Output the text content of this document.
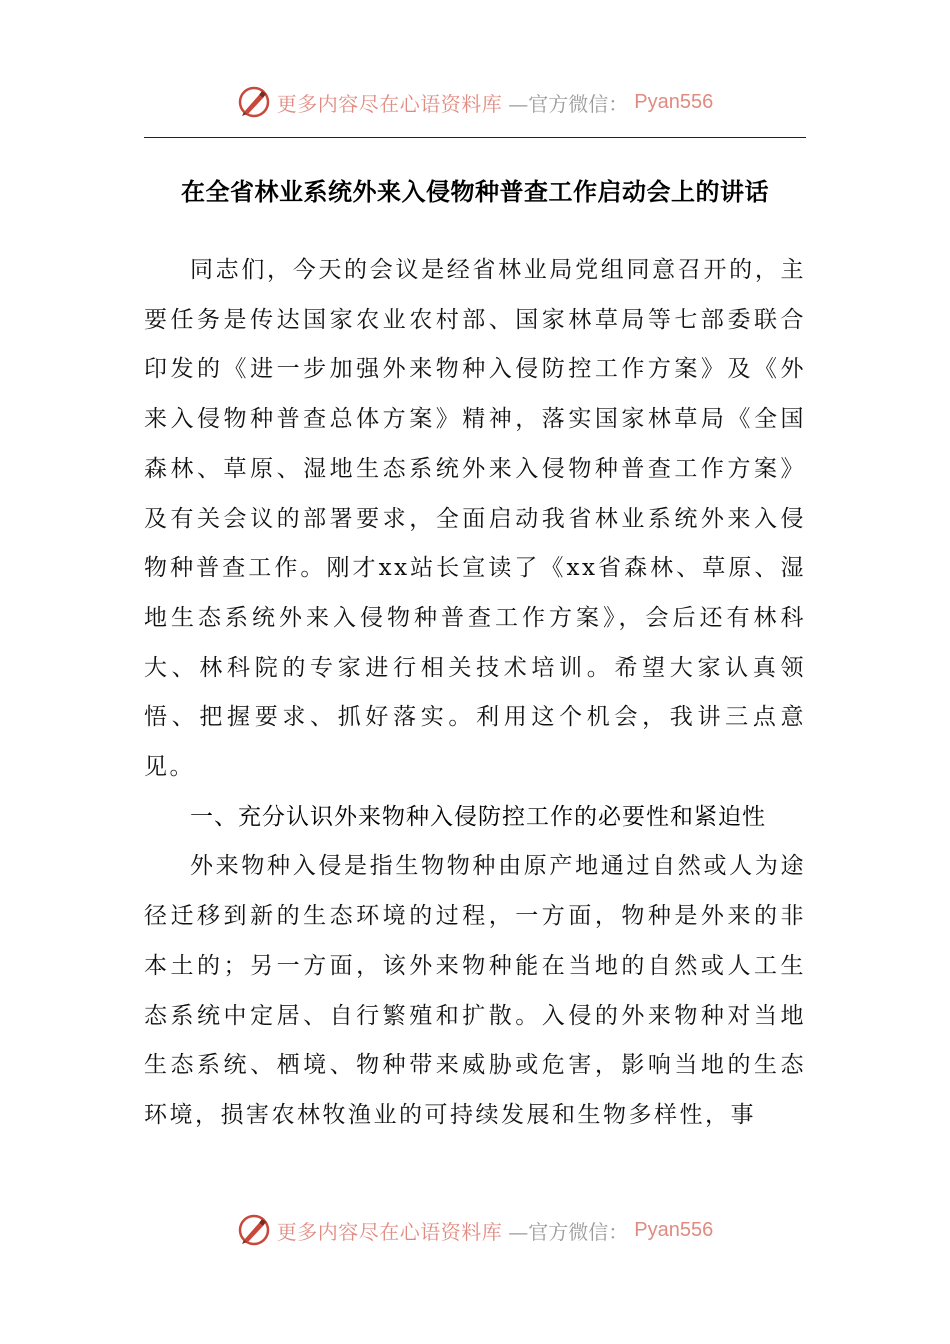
更多内容尽在心语资料库 —官方微信： Pyan556
在全省林业系统外来入侵物种普查工作启动会上的讲话

同志们，今天的会议是经省林业局党组同意召开的，主要任务是传达国家农业农村部、国家林草局等七部委联合印发的《进一步加强外来物种入侵防控工作方案》及《外来入侵物种普查总体方案》精神，落实国家林草局《全国森林、草原、湿地生态系统外来入侵物种普查工作方案》及有关会议的部署要求，全面启动我省林业系统外来入侵物种普查工作。刚才xx站长宣读了《xx省森林、草原、湿地生态系统外来入侵物种普查工作方案》，会后还有林科大、林科院的专家进行相关技术培训。希望大家认真领悟、把握要求、抓好落实。利用这个机会，我讲三点意见。

一、充分认识外来物种入侵防控工作的必要性和紧迫性

外来物种入侵是指生物物种由原产地通过自然或人为途径迁移到新的生态环境的过程，一方面，物种是外来的非本土的；另一方面，该外来物种能在当地的自然或人工生态系统中定居、自行繁殖和扩散。入侵的外来物种对当地生态系统、栖境、物种带来威胁或危害，影响当地的生态环境，损害农林牧渔业的可持续发展和生物多样性，事

更多内容尽在心语资料库 —官方微信： Pyan556
